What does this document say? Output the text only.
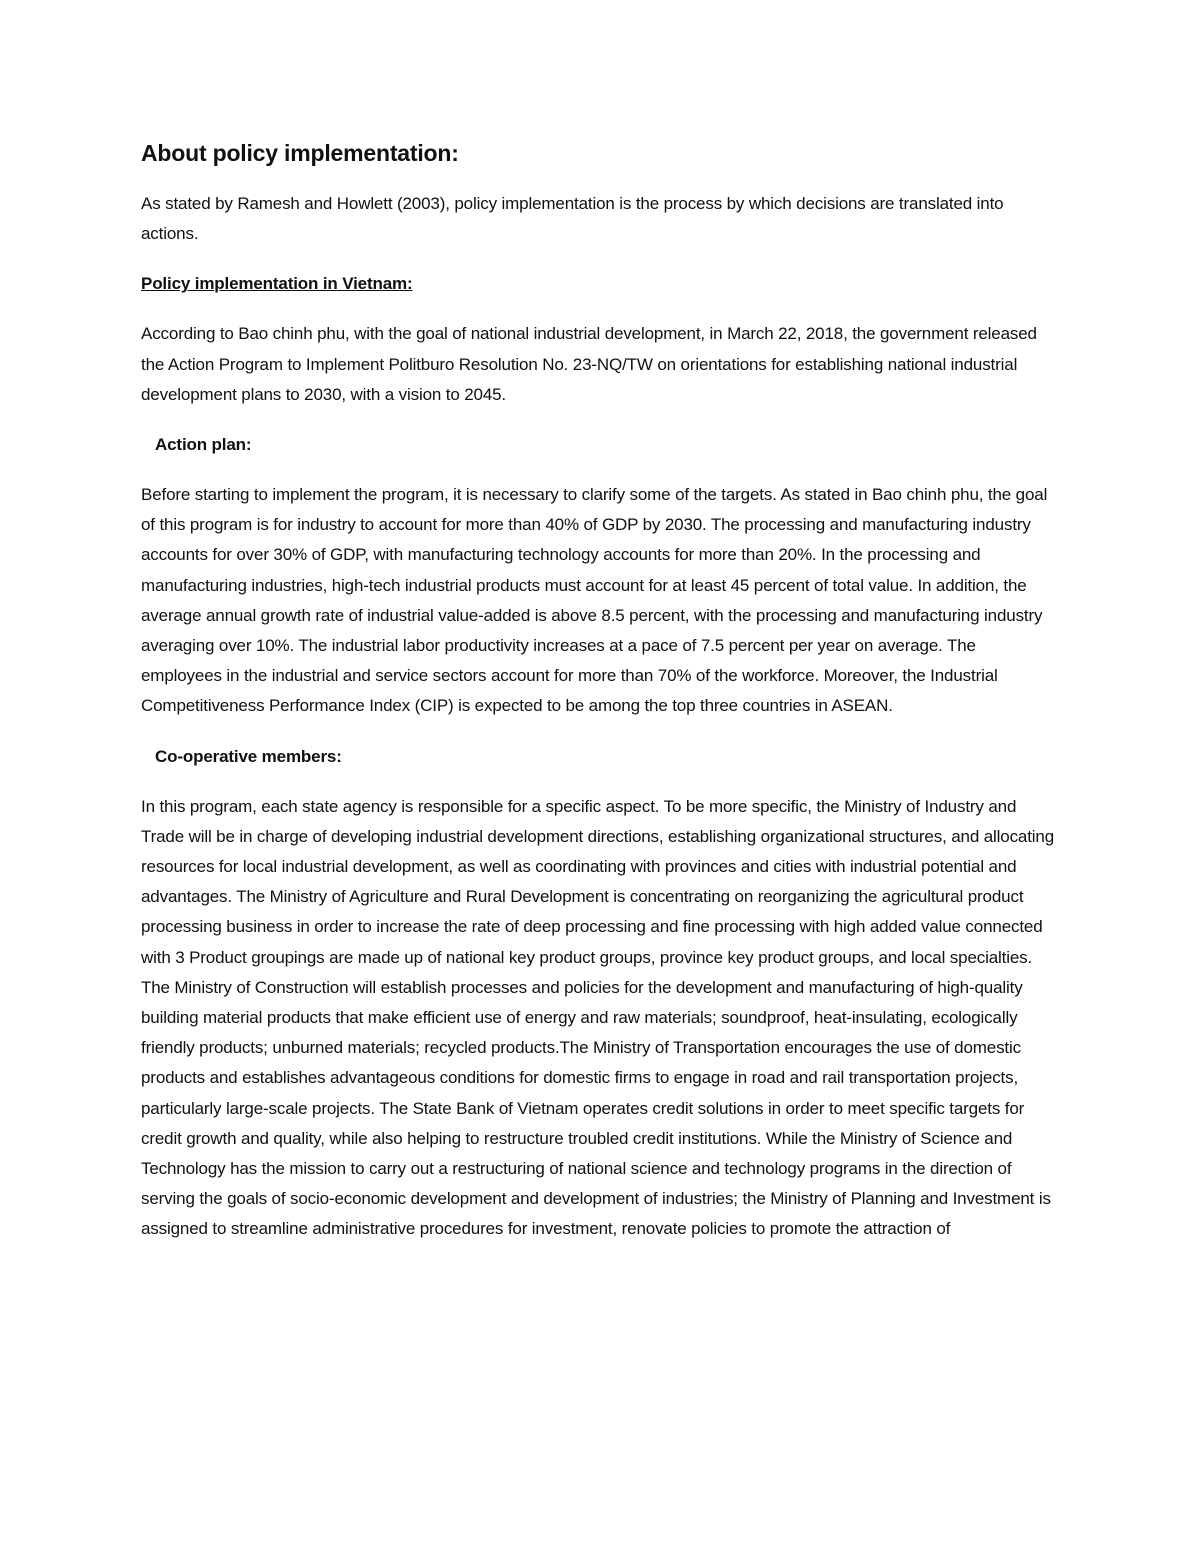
About policy implementation:

As stated by Ramesh and Howlett (2003), policy implementation is the process by which decisions are translated into actions.

Policy implementation in Vietnam:

According to Bao chinh phu, with the goal of national industrial development, in March 22, 2018, the government released the Action Program to Implement Politburo Resolution No. 23-NQ/TW on orientations for establishing national industrial development plans to 2030, with a vision to 2045.

Action plan:

Before starting to implement the program, it is necessary to clarify some of the targets. As stated in Bao chinh phu, the goal of this program is for industry to account for more than 40% of GDP by 2030. The processing and manufacturing industry accounts for over 30% of GDP, with manufacturing technology accounts for more than 20%. In the processing and manufacturing industries, high-tech industrial products must account for at least 45 percent of total value. In addition, the average annual growth rate of industrial value-added is above 8.5 percent, with the processing and manufacturing industry averaging over 10%. The industrial labor productivity increases at a pace of 7.5 percent per year on average. The employees in the industrial and service sectors account for more than 70% of the workforce. Moreover, the Industrial Competitiveness Performance Index (CIP) is expected to be among the top three countries in ASEAN.

Co-operative members:

In this program, each state agency is responsible for a specific aspect. To be more specific, the Ministry of Industry and Trade will be in charge of developing industrial development directions, establishing organizational structures, and allocating resources for local industrial development, as well as coordinating with provinces and cities with industrial potential and advantages. The Ministry of Agriculture and Rural Development is concentrating on reorganizing the agricultural product processing business in order to increase the rate of deep processing and fine processing with high added value connected with 3 Product groupings are made up of national key product groups, province key product groups, and local specialties. The Ministry of Construction will establish processes and policies for the development and manufacturing of high-quality building material products that make efficient use of energy and raw materials; soundproof, heat-insulating, ecologically friendly products; unburned materials; recycled products.The Ministry of Transportation encourages the use of domestic products and establishes advantageous conditions for domestic firms to engage in road and rail transportation projects, particularly large-scale projects. The State Bank of Vietnam operates credit solutions in order to meet specific targets for credit growth and quality, while also helping to restructure troubled credit institutions. While the Ministry of Science and Technology has the mission to carry out a restructuring of national science and technology programs in the direction of serving the goals of socio-economic development and development of industries; the Ministry of Planning and Investment is assigned to streamline administrative procedures for investment, renovate policies to promote the attraction of
